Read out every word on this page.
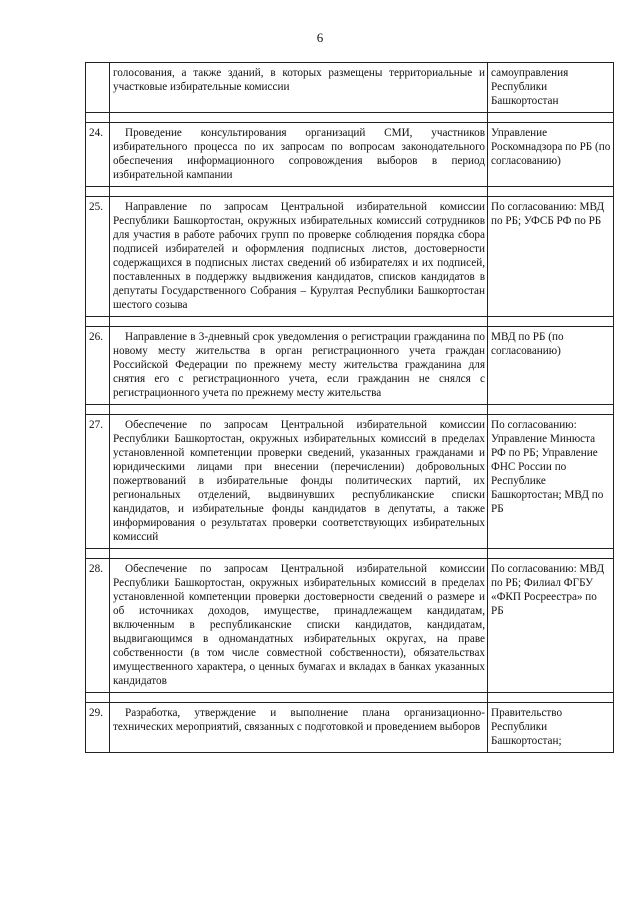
6
	голосования, а также зданий, в которых размещены территориальные и участковые избирательные комиссии	самоуправления Республики Башкортостан

24.	Проведение консультирования организаций СМИ, участников избирательного процесса по их запросам по вопросам законодательного обеспечения информационного сопровождения выборов в период избирательной кампании	Управление Роскомнадзора по РБ (по согласованию)

25.	Направление по запросам Центральной избирательной комиссии Республики Башкортостан, окружных избирательных комиссий сотрудников для участия в работе рабочих групп по проверке соблюдения порядка сбора подписей избирателей и оформления подписных листов, достоверности содержащихся в подписных листах сведений об избирателях и их подписей, поставленных в поддержку выдвижения кандидатов, списков кандидатов в депутаты Государственного Собрания – Курултая Республики Башкортостан шестого созыва	По согласованию: МВД по РБ; УФСБ РФ по РБ

26.	Направление в 3-дневный срок уведомления о регистрации гражданина по новому месту жительства в орган регистрационного учета граждан Российской Федерации по прежнему месту жительства гражданина для снятия его с регистрационного учета, если гражданин не снялся с регистрационного учета по прежнему месту жительства	МВД по РБ (по согласованию)

27.	Обеспечение по запросам Центральной избирательной комиссии Республики Башкортостан, окружных избирательных комиссий в пределах установленной компетенции проверки сведений, указанных гражданами и юридическими лицами при внесении (перечислении) добровольных пожертвований в избирательные фонды политических партий, их региональных отделений, выдвинувших республиканские списки кандидатов, и избирательные фонды кандидатов в депутаты, а также информирования о результатах проверки соответствующих избирательных комиссий	По согласованию: Управление Минюста РФ по РБ; Управление ФНС России по Республике Башкортостан; МВД по РБ

28.	Обеспечение по запросам Центральной избирательной комиссии Республики Башкортостан, окружных избирательных комиссий в пределах установленной компетенции проверки достоверности сведений о размере и об источниках доходов, имуществе, принадлежащем кандидатам, включенным в республиканские списки кандидатов, кандидатам, выдвигающимся в одномандатных избирательных округах, на праве собственности (в том числе совместной собственности), обязательствах имущественного характера, о ценных бумагах и вкладах в банках указанных кандидатов	По согласованию: МВД по РБ; Филиал ФГБУ «ФКП Росреестра» по РБ

29.	Разработка, утверждение и выполнение плана организационно-технических мероприятий, связанных с подготовкой и проведением выборов	Правительство Республики Башкортостан;
